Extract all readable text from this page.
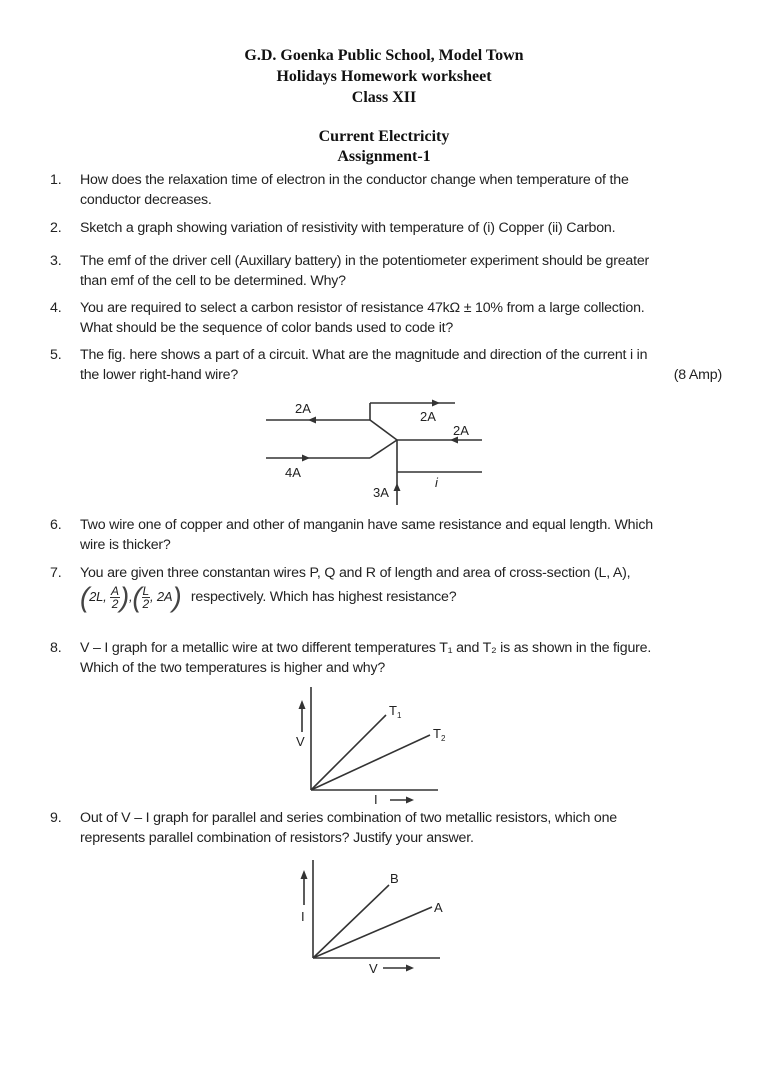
G.D. Goenka Public School, Model Town
Holidays Homework worksheet
Class XII
Current Electricity
Assignment-1
1. How does the relaxation time of electron in the conductor change when temperature of the
conductor decreases.
2. Sketch a graph showing variation of resistivity with temperature of (i) Copper (ii) Carbon.
3. The emf of the driver cell (Auxillary battery) in the potentiometer experiment should be greater
than emf of the cell to be determined. Why?
4. You are required to select a carbon resistor of resistance 47kΩ ± 10% from a large collection.
What should be the sequence of color bands used to code it?
5. The fig. here shows a part of a circuit. What are the magnitude and direction of the current i in
the lower right-hand wire?	(8 Amp)
2A
2A
2A
4A
3A
i
6. Two wire one of copper and other of manganin have same resistance and equal length. Which
wire is thicker?
7. You are given three constantan wires P, Q and R of length and area of cross-section (L, A),
(2L, $\frac{A}{2}$ ),( $\frac{L}{2}$ , 2A) respectively. Which has highest resistance?
8. V – I graph for a metallic wire at two different temperatures T₁ and T₂ is as shown in the figure.
Which of the two temperatures is higher and why?
V
I
$T_1$
$T_2$
9. Out of V – I graph for parallel and series combination of two metallic resistors, which one
represents parallel combination of resistors? Justify your answer.
I
V
B
A
